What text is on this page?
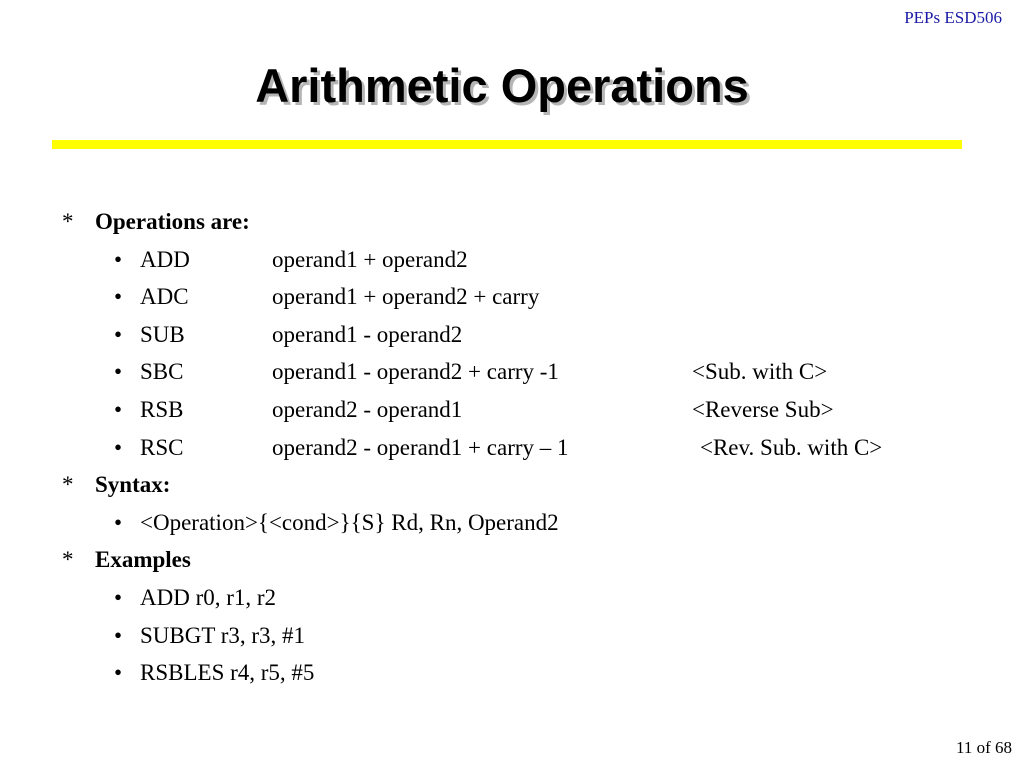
PEPs ESD506
Arithmetic Operations
* Operations are:
• ADD	operand1 + operand2
• ADC	operand1 + operand2 + carry
• SUB	operand1 - operand2
• SBC	operand1 - operand2 + carry -1	<Sub. with C>
• RSB	operand2 - operand1	<Reverse Sub>
• RSC	operand2 - operand1 + carry – 1	<Rev. Sub. with C>
* Syntax:
• <Operation>{<cond>}{S} Rd, Rn, Operand2
* Examples
• ADD r0, r1, r2
• SUBGT r3, r3, #1
• RSBLES r4, r5, #5
11 of 68
